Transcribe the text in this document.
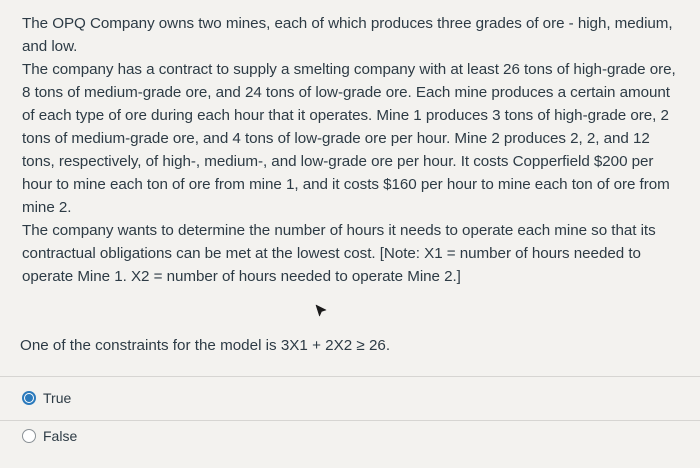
The OPQ Company owns two mines, each of which produces three grades of ore - high, medium, and low.

The company has a contract to supply a smelting company with at least 26 tons of high-grade ore, 8 tons of medium-grade ore, and 24 tons of low-grade ore. Each mine produces a certain amount of each type of ore during each hour that it operates. Mine 1 produces 3 tons of high-grade ore, 2 tons of medium-grade ore, and 4 tons of low-grade ore per hour. Mine 2 produces 2, 2, and 12 tons, respectively, of high-, medium-, and low-grade ore per hour. It costs Copperfield $200 per hour to mine each ton of ore from mine 1, and it costs $160 per hour to mine each ton of ore from mine 2.

The company wants to determine the number of hours it needs to operate each mine so that its contractual obligations can be met at the lowest cost. [Note: X1 = number of hours needed to operate Mine 1. X2 = number of hours needed to operate Mine 2.]

One of the constraints for the model is 3X1 + 2X2 ≥ 26.

True
False
